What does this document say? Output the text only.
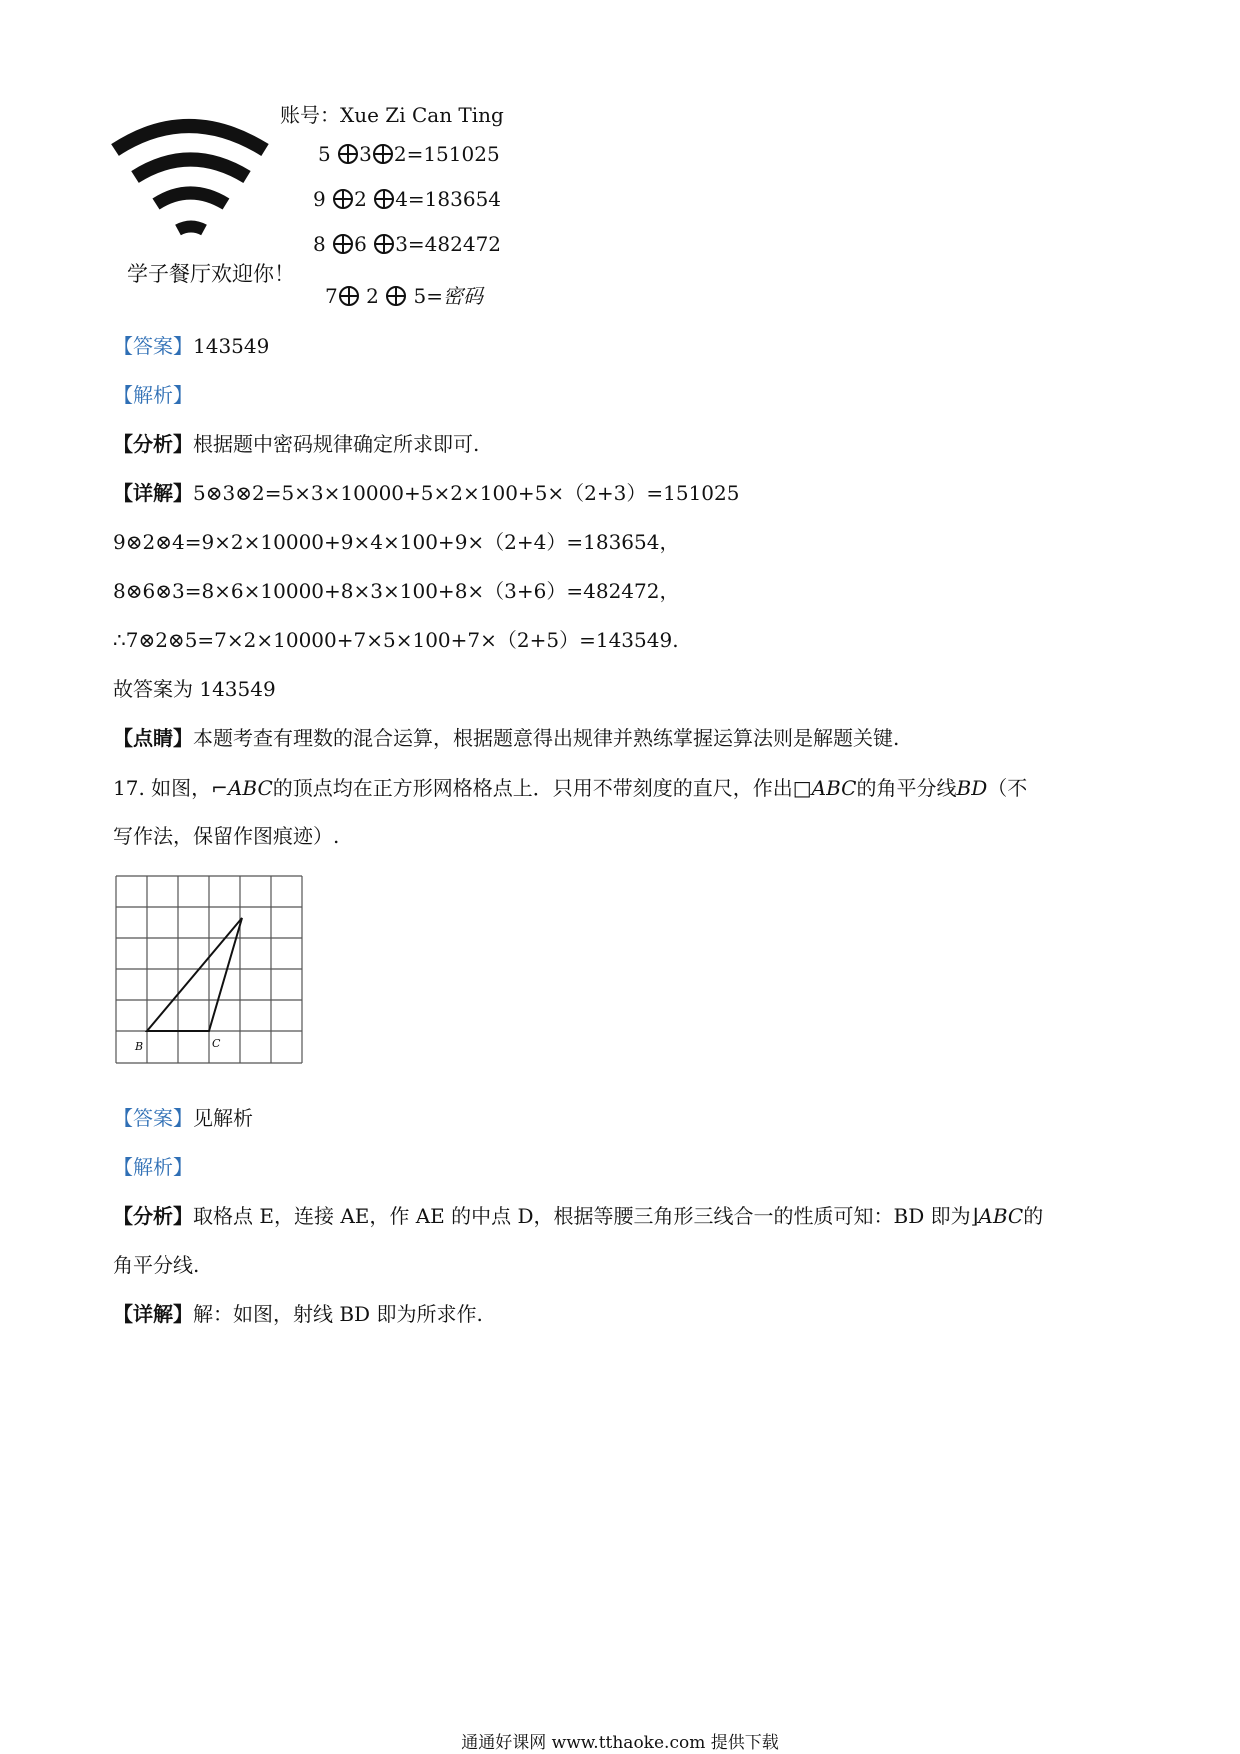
学子餐厅欢迎你！
账号：Xue Zi Can Ting
5 3 2=151025
9 2 4=183654
8 6 3=482472
7 2 5=密码
【答案】143549
【解析】
【分析】根据题中密码规律确定所求即可.
【详解】5⊗3⊗2=5×3×10000+5×2×100+5×（2+3）=151025
9⊗2⊗4=9×2×10000+9×4×100+9×（2+4）=183654，
8⊗6⊗3=8×6×10000+8×3×100+8×（3+6）=482472，
∴7⊗2⊗5=7×2×10000+7×5×100+7×（2+5）=143549.
故答案为 143549
【点睛】本题考查有理数的混合运算，根据题意得出规律并熟练掌握运算法则是解题关键.
17. 如图，⌐ABC的顶点均在正方形网格格点上．只用不带刻度的直尺，作出□ABC的角平分线BD（不
写作法，保留作图痕迹）.
B	C
【答案】见解析
【解析】
【分析】取格点 E，连接 AE，作 AE 的中点 D，根据等腰三角形三线合一的性质可知：BD 即为⌋ABC的
角平分线.
【详解】解：如图，射线 BD 即为所求作.
通通好课网 www.tthaoke.com 提供下载
